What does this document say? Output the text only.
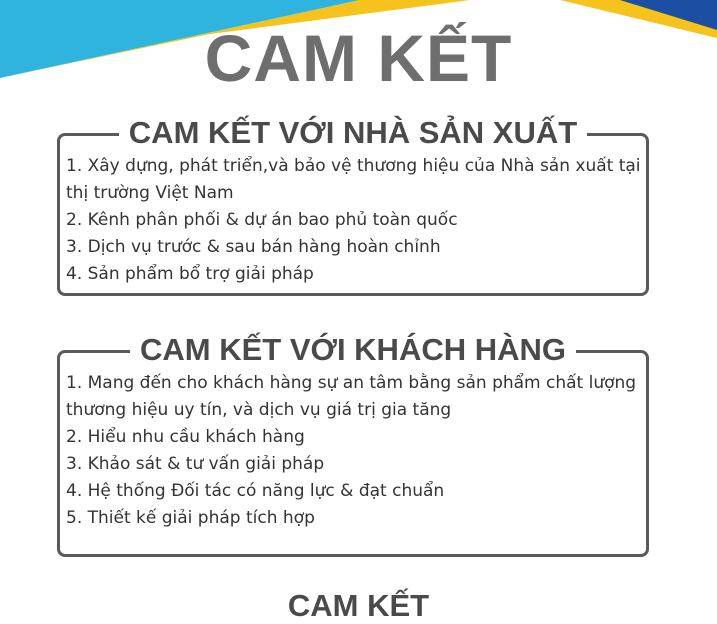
CAM KẾT
CAM KẾT VỚI NHÀ SẢN XUẤT
1. Xây dựng, phát triển,và bảo vệ thương hiệu của Nhà sản xuất tại
thị trường Việt Nam
2. Kênh phân phối & dự án bao phủ toàn quốc
3. Dịch vụ trước & sau bán hàng hoàn chỉnh
4. Sản phẩm bổ trợ giải pháp
CAM KẾT VỚI KHÁCH HÀNG
1. Mang đến cho khách hàng sự an tâm bằng sản phẩm chất lượng
thương hiệu uy tín, và dịch vụ giá trị gia tăng
2. Hiểu nhu cầu khách hàng
3. Khảo sát & tư vấn giải pháp
4. Hệ thống Đối tác có năng lực & đạt chuẩn
5. Thiết kế giải pháp tích hợp
CAM KẾT
